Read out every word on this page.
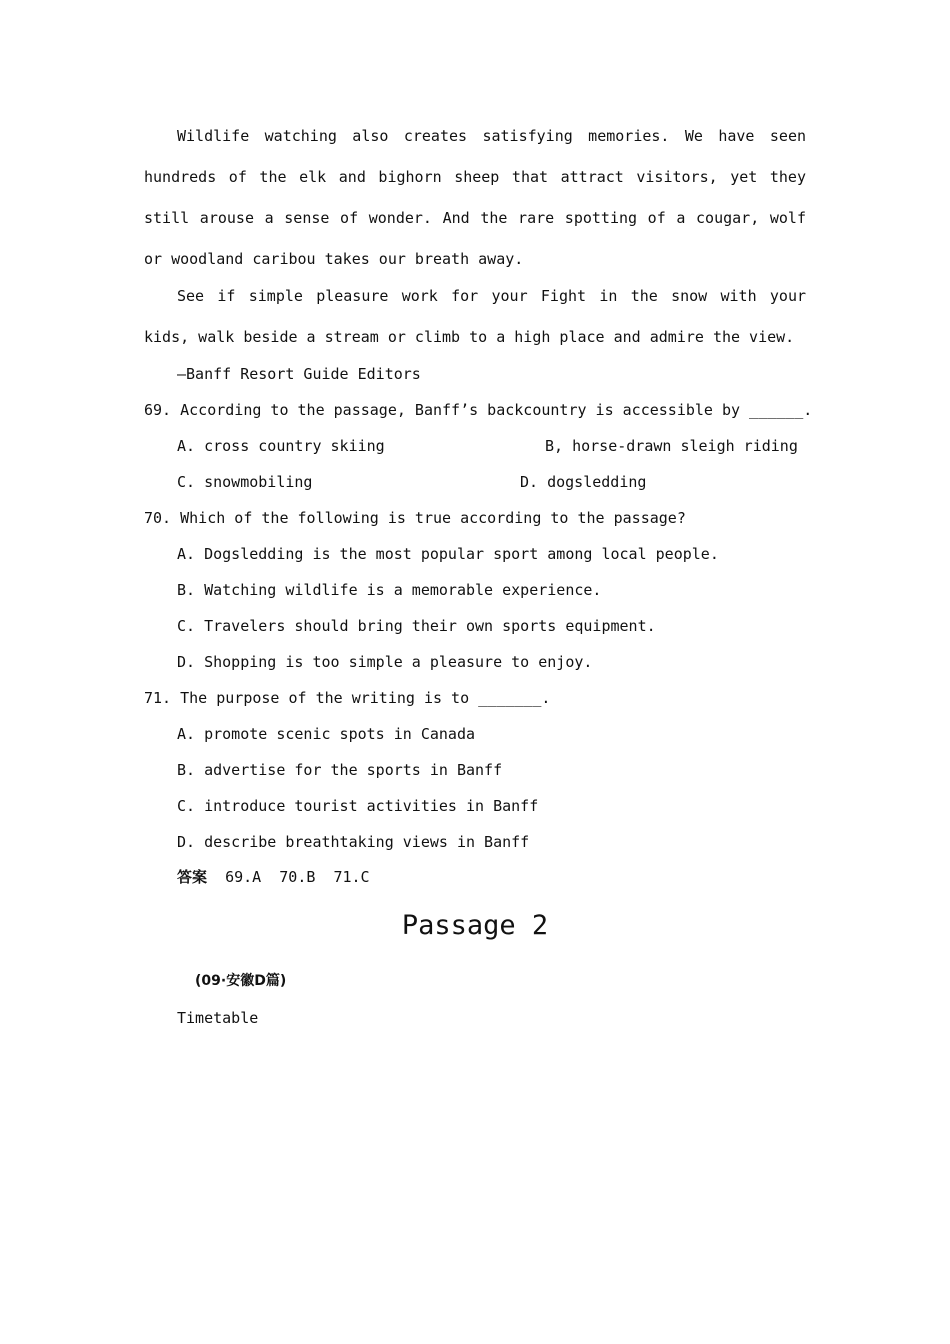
Wildlife watching also creates satisfying memories. We have seen hundreds of the elk and bighorn sheep that attract visitors, yet they still arouse a sense of wonder. And the rare spotting of a cougar, wolf or woodland caribou takes our breath away.

See if simple pleasure work for your Fight in the snow with your kids, walk beside a stream or climb to a high place and admire the view.

—Banff Resort Guide Editors
69. According to the passage, Banff’s backcountry is accessible by ______.
A. cross country skiing	B, horse-drawn sleigh riding
C. snowmobiling	D. dogsledding
70. Which of the following is true according to the passage?
A. Dogsledding is the most popular sport among local people.
B. Watching wildlife is a memorable experience.
C. Travelers should bring their own sports equipment.
D. Shopping is too simple a pleasure to enjoy.
71. The purpose of the writing is to _______.
A. promote scenic spots in Canada
B. advertise for the sports in Banff
C. introduce tourist activities in Banff
D. describe breathtaking views in Banff
答案 69.A  70.B  71.C
Passage 2
(09·安徽D篇)
Timetable
